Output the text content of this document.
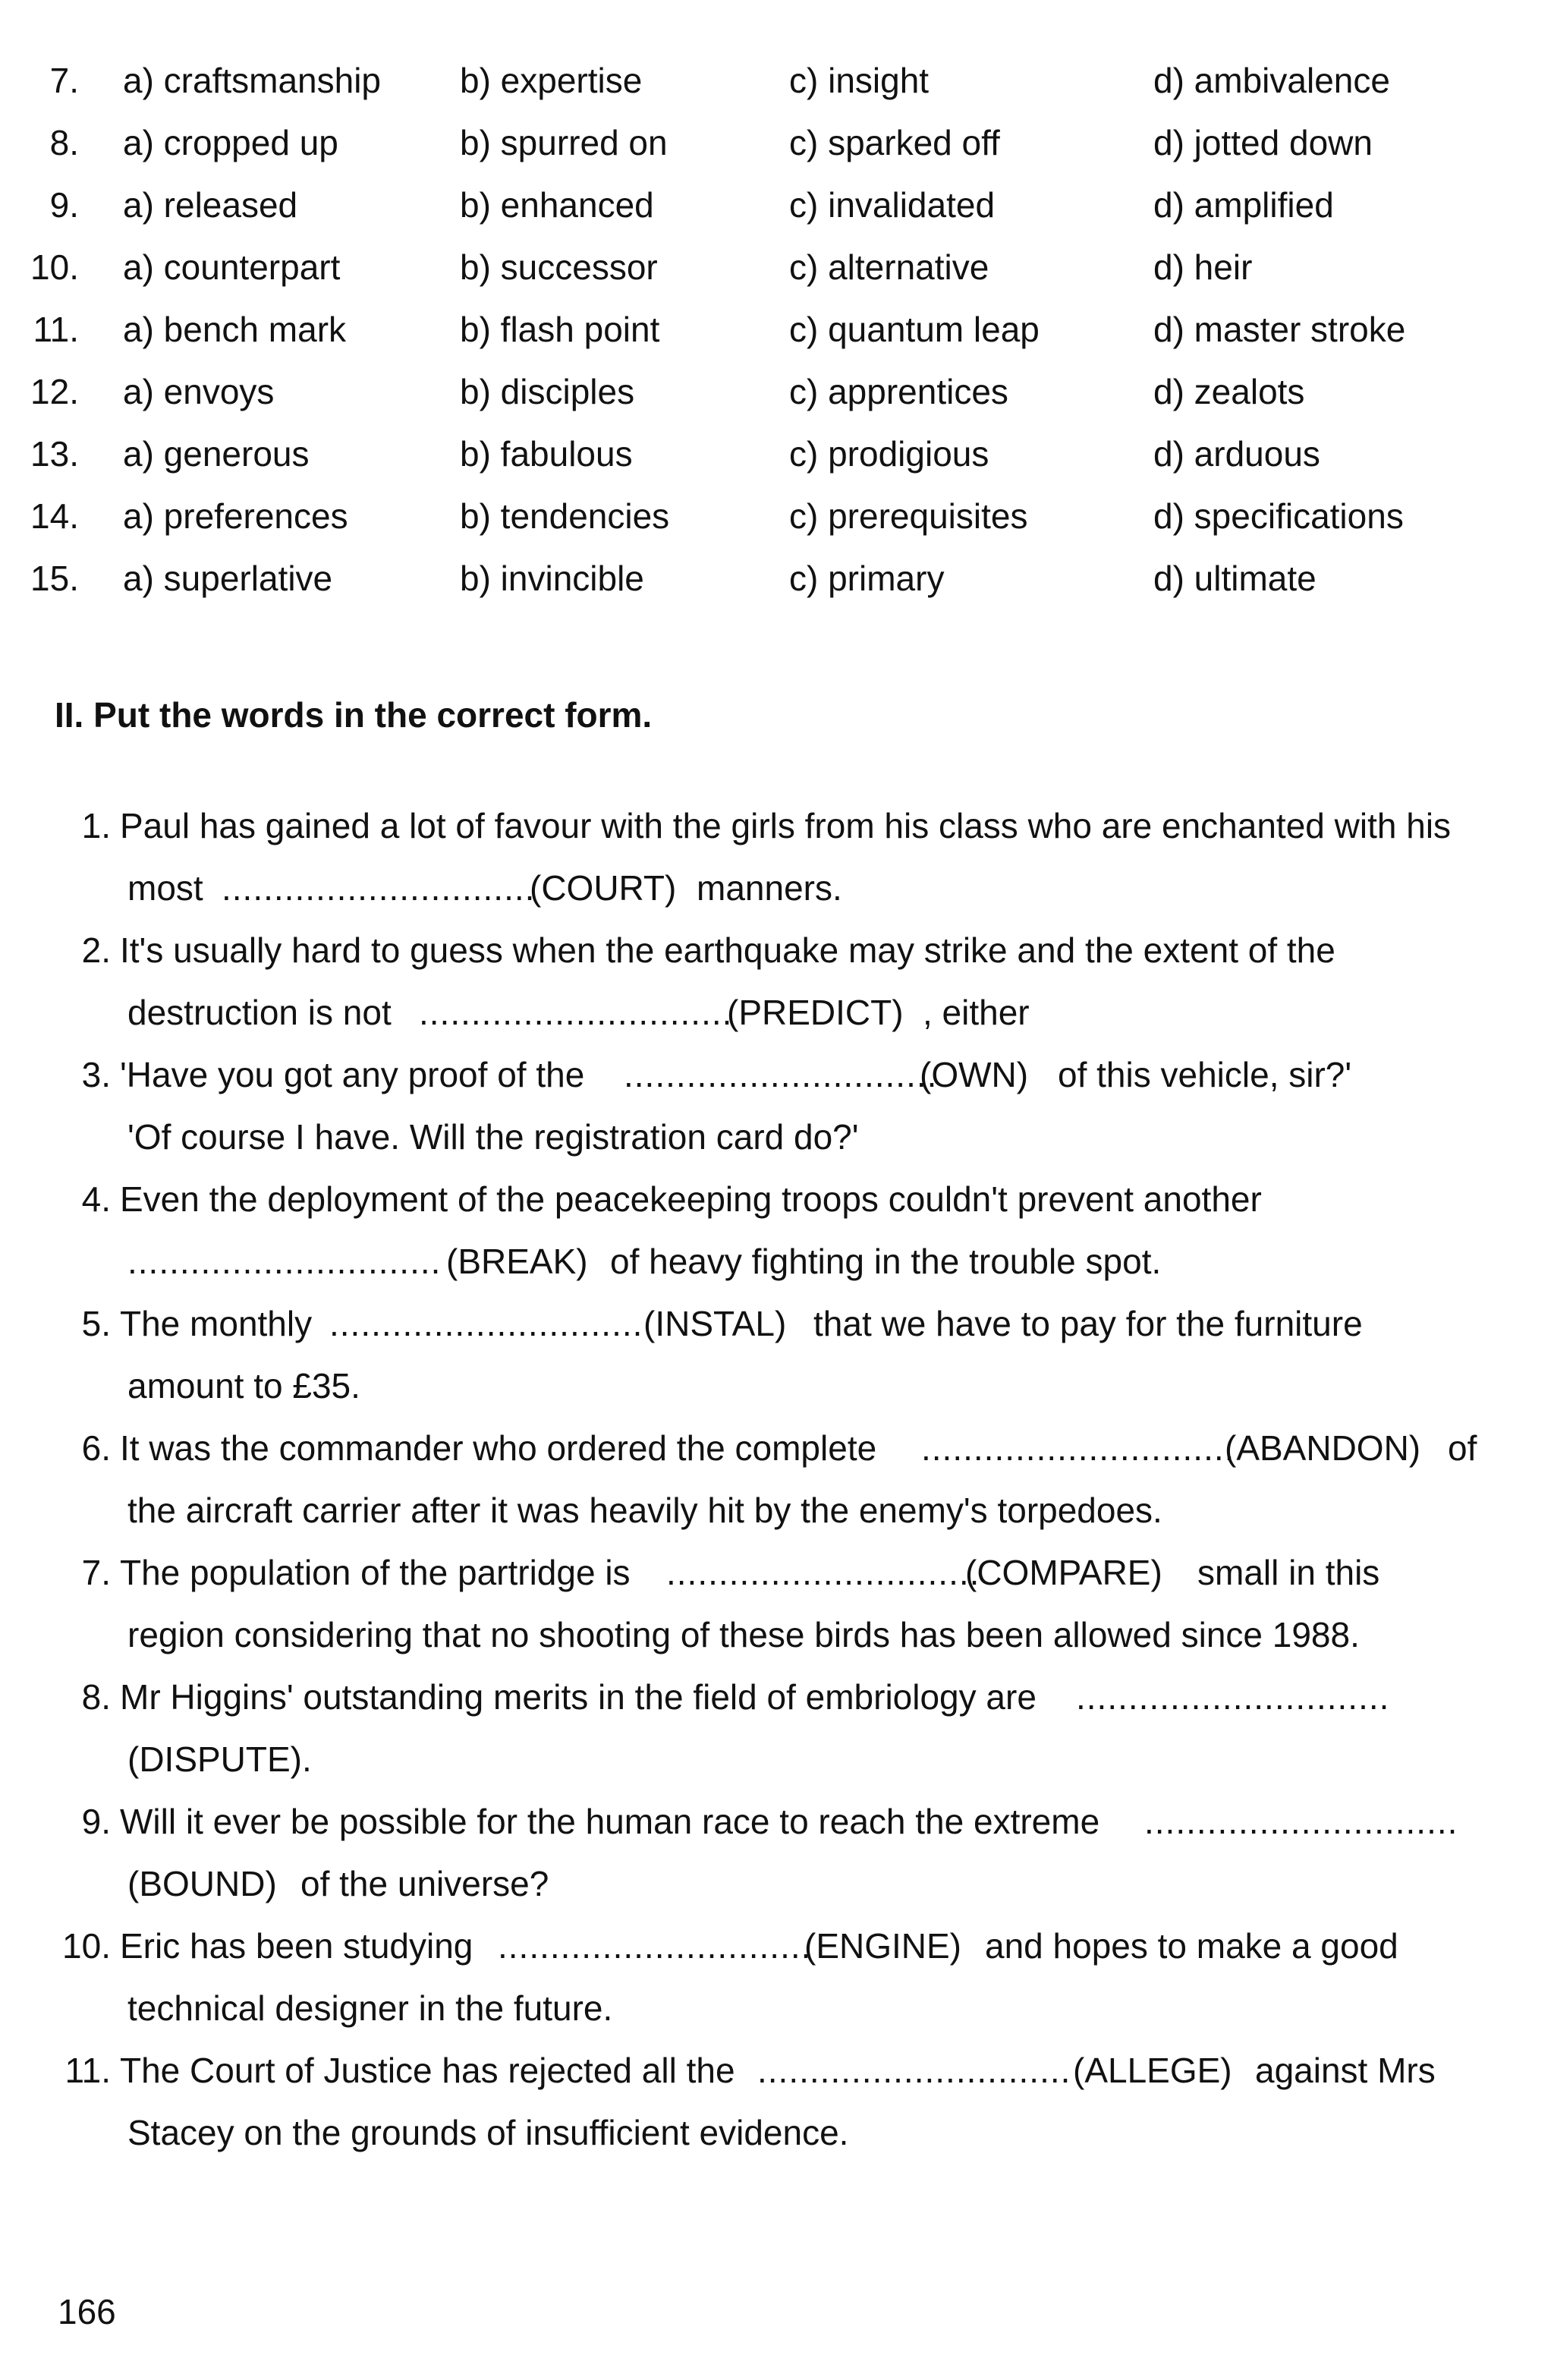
7. a) craftsmanship b) expertise	c) insight	d) ambivalence
8. a) cropped up	b) spurred on	c) sparked off	d) jotted down
9. a) released	b) enhanced	c) invalidated	d) amplified
10. a) counterpart	b) successor	c) alternative	d) heir
11. a) bench mark	b) flash point	c) quantum leap	d) master stroke
12. a) envoys	b) disciples	c) apprentices	d) zealots
13. a) generous	b) fabulous	c) prodigious	d) arduous
14. a) preferences	b) tendencies	c) prerequisites	d) specifications
15. a) superlative	b) invincible	c) primary	d) ultimate
II. Put the words in the correct form.
1. Paul has gained a lot of favour with the girls from his class who are enchanted with his
most ..............................
(COURT) manners.
2. It's usually hard to guess when the earthquake may strike and the extent of the
destruction is not ..............................
(PREDICT) , either
3. 'Have you got any proof of the ..............................
(OWN) of this vehicle, sir?'
'Of course I have. Will the registration card do?'
4. Even the deployment of the peacekeeping troops couldn't prevent another
.............................. (BREAK) of heavy fighting in the trouble spot.
5. The monthly .............................. (INSTAL) that we have to pay for the furniture
amount to £35.
6. It was the commander who ordered the complete ..............................
(ABANDON) of
the aircraft carrier after it was heavily hit by the enemy's torpedoes.
7. The population of the partridge is ..............................
(COMPARE) small in this
region considering that no shooting of these birds has been allowed since 1988.
8. Mr Higgins' outstanding merits in the field of embriology are ..............................
(DISPUTE).
9. Will it ever be possible for the human race to reach the extreme ..............................
(BOUND) of the universe?
10. Eric has been studying ..............................
(ENGINE) and hopes to make a good
technical designer in the future.
11. The Court of Justice has rejected all the .............................. (ALLEGE) against Mrs
Stacey on the grounds of insufficient evidence.
166
